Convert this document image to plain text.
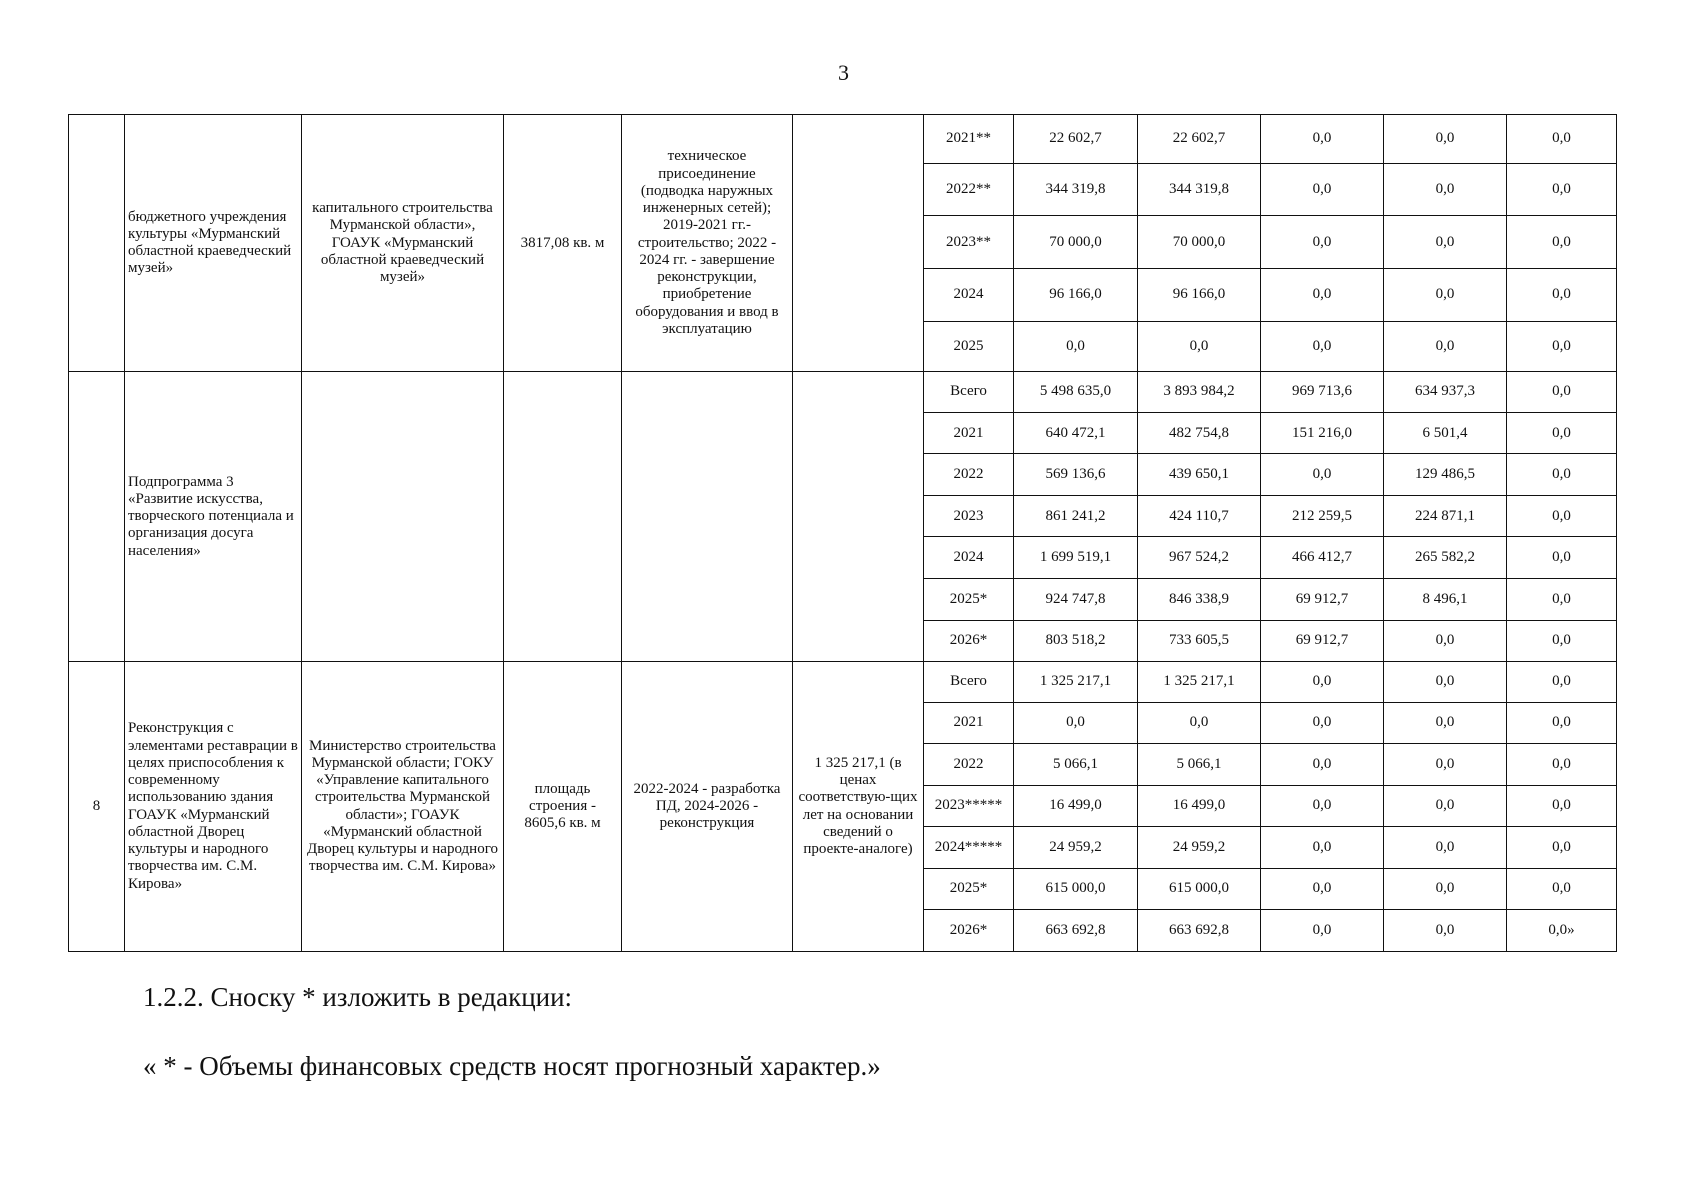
3
	бюджетного учреждения культуры «Мурманский областной краеведческий музей»	капитального строительства Мурманской области», ГОАУК «Мурманский областной краеведческий музей»	3817,08 кв. м	техническое присоединение (подводка наружных инженерных сетей); 2019-2021 гг.- строительство; 2022 - 2024 гг. - завершение реконструкции, приобретение оборудования и ввод в эксплуатацию		2021**	22 602,7	22 602,7	0,0	0,0	0,0
						2022**	344 319,8	344 319,8	0,0	0,0	0,0
						2023**	70 000,0	70 000,0	0,0	0,0	0,0
						2024	96 166,0	96 166,0	0,0	0,0	0,0
						2025	0,0	0,0	0,0	0,0	0,0
	Подпрограмма 3 «Развитие искусства, творческого потенциала и организация досуга населения»					Всего	5 498 635,0	3 893 984,2	969 713,6	634 937,3	0,0
						2021	640 472,1	482 754,8	151 216,0	6 501,4	0,0
						2022	569 136,6	439 650,1	0,0	129 486,5	0,0
						2023	861 241,2	424 110,7	212 259,5	224 871,1	0,0
						2024	1 699 519,1	967 524,2	466 412,7	265 582,2	0,0
						2025*	924 747,8	846 338,9	69 912,7	8 496,1	0,0
						2026*	803 518,2	733 605,5	69 912,7	0,0	0,0
8	Реконструкция с элементами реставрации в целях приспособления к современному использованию здания ГОАУК «Мурманский областной Дворец культуры и народного творчества им. С.М. Кирова»	Министерство строительства Мурманской области; ГОКУ «Управление капитального строительства Мурманской области»; ГОАУК «Мурманский областной Дворец культуры и народного творчества им. С.М. Кирова»	площадь строения - 8605,6 кв. м	2022-2024 - разработка ПД, 2024-2026 - реконструкция	1 325 217,1 (в ценах соответствую-щих лет на основании сведений о проекте-аналоге)	Всего	1 325 217,1	1 325 217,1	0,0	0,0	0,0
						2021	0,0	0,0	0,0	0,0	0,0
						2022	5 066,1	5 066,1	0,0	0,0	0,0
						2023*****	16 499,0	16 499,0	0,0	0,0	0,0
						2024*****	24 959,2	24 959,2	0,0	0,0	0,0
						2025*	615 000,0	615 000,0	0,0	0,0	0,0
						2026*	663 692,8	663 692,8	0,0	0,0	0,0»
1.2.2. Сноску * изложить в редакции:
« * - Объемы финансовых средств носят прогнозный характер.»
